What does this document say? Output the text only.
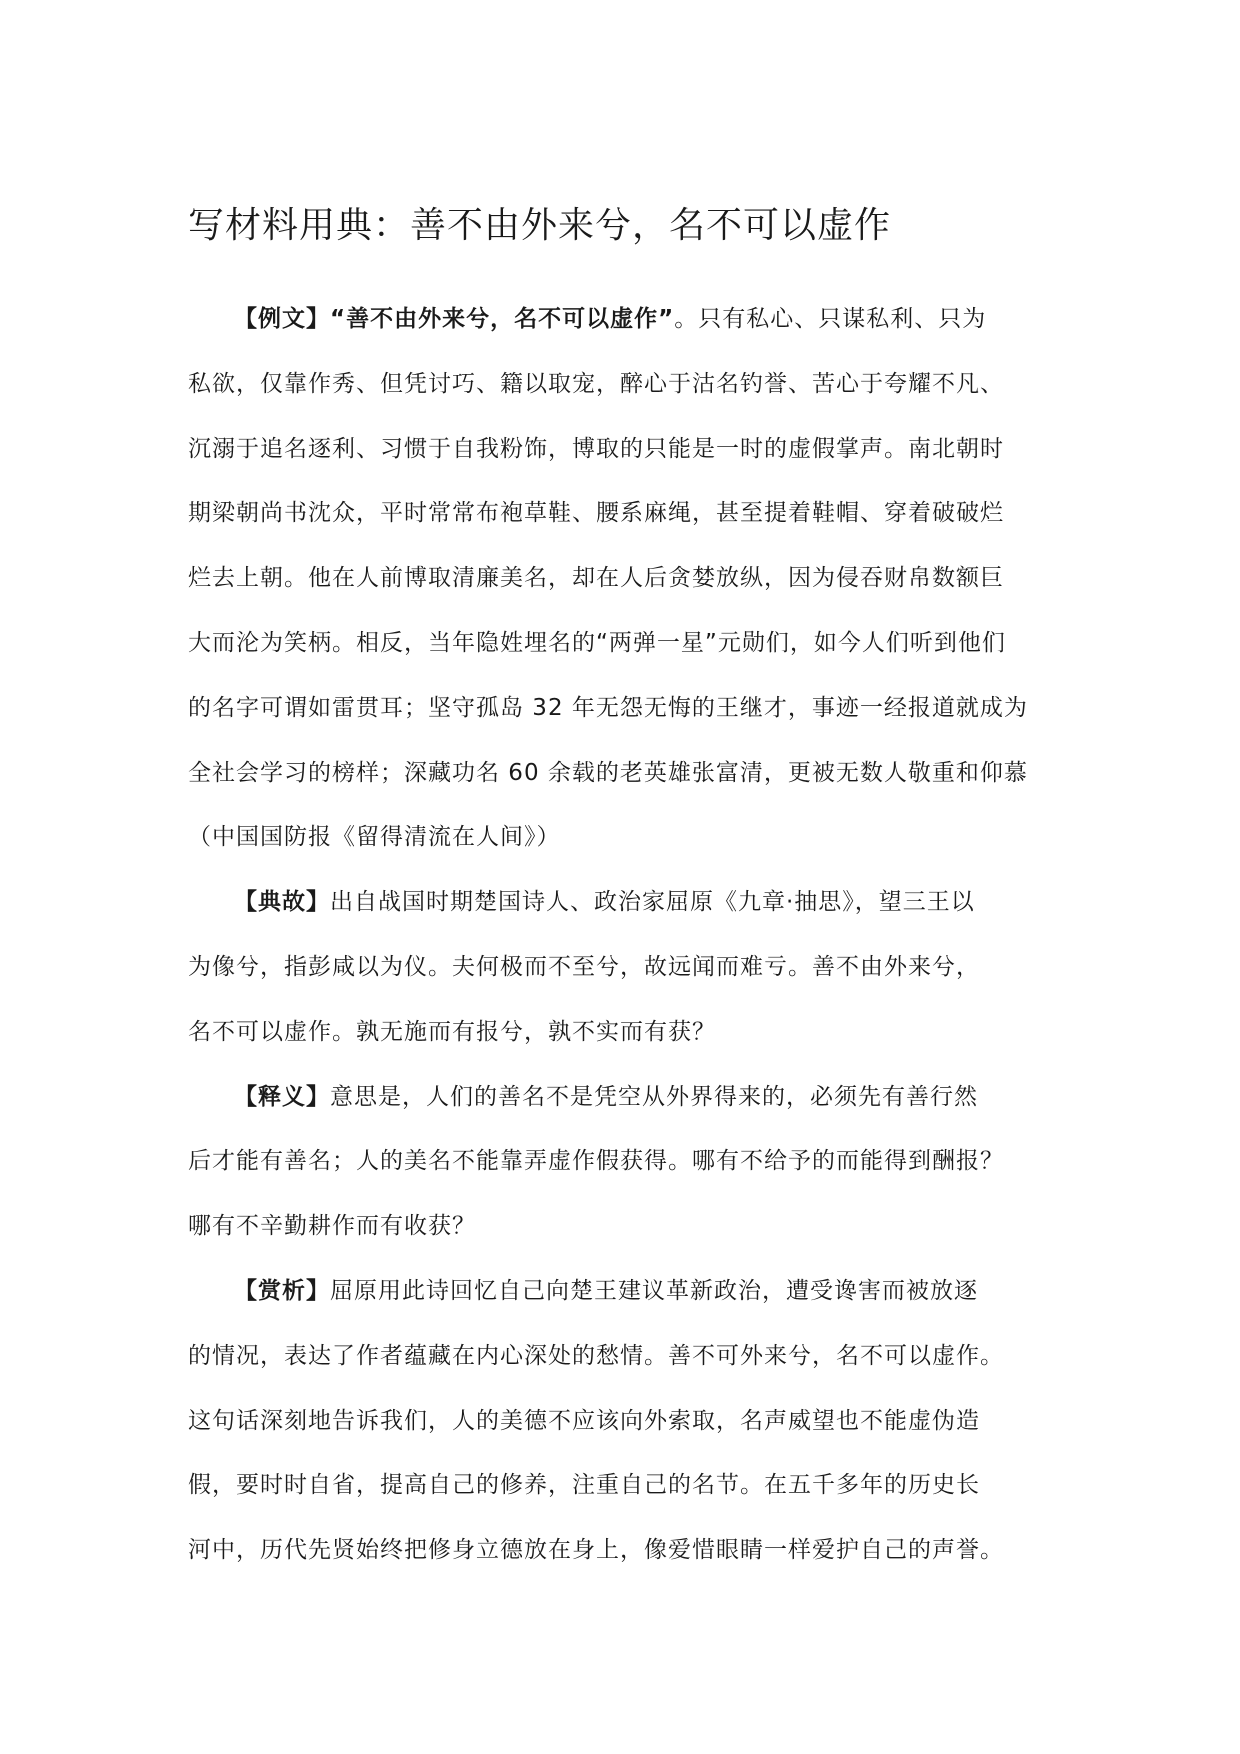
写材料用典：善不由外来兮，名不可以虚作

【例文】“善不由外来兮，名不可以虚作”。只有私心、只谋私利、只为
私欲，仅靠作秀、但凭讨巧、籍以取宠，醉心于沽名钓誉、苦心于夸耀不凡、
沉溺于追名逐利、习惯于自我粉饰，博取的只能是一时的虚假掌声。南北朝时
期梁朝尚书沈众，平时常常布袍草鞋、腰系麻绳，甚至提着鞋帽、穿着破破烂
烂去上朝。他在人前博取清廉美名，却在人后贪婪放纵，因为侵吞财帛数额巨
大而沦为笑柄。相反，当年隐姓埋名的“两弹一星”元勋们，如今人们听到他们
的名字可谓如雷贯耳；坚守孤岛 32 年无怨无悔的王继才，事迹一经报道就成为
全社会学习的榜样；深藏功名 60 余载的老英雄张富清，更被无数人敬重和仰慕
（中国国防报《留得清流在人间》）

【典故】出自战国时期楚国诗人、政治家屈原《九章·抽思》，望三王以
为像兮，指彭咸以为仪。夫何极而不至兮，故远闻而难亏。善不由外来兮，
名不可以虚作。孰无施而有报兮，孰不实而有获？

【释义】意思是，人们的善名不是凭空从外界得来的，必须先有善行然
后才能有善名；人的美名不能靠弄虚作假获得。哪有不给予的而能得到酬报？
哪有不辛勤耕作而有收获？

【赏析】屈原用此诗回忆自己向楚王建议革新政治，遭受谗害而被放逐
的情况，表达了作者蕴藏在内心深处的愁情。善不可外来兮，名不可以虚作。
这句话深刻地告诉我们，人的美德不应该向外索取，名声威望也不能虚伪造
假，要时时自省，提高自己的修养，注重自己的名节。在五千多年的历史长
河中，历代先贤始终把修身立德放在身上，像爱惜眼睛一样爱护自己的声誉。
